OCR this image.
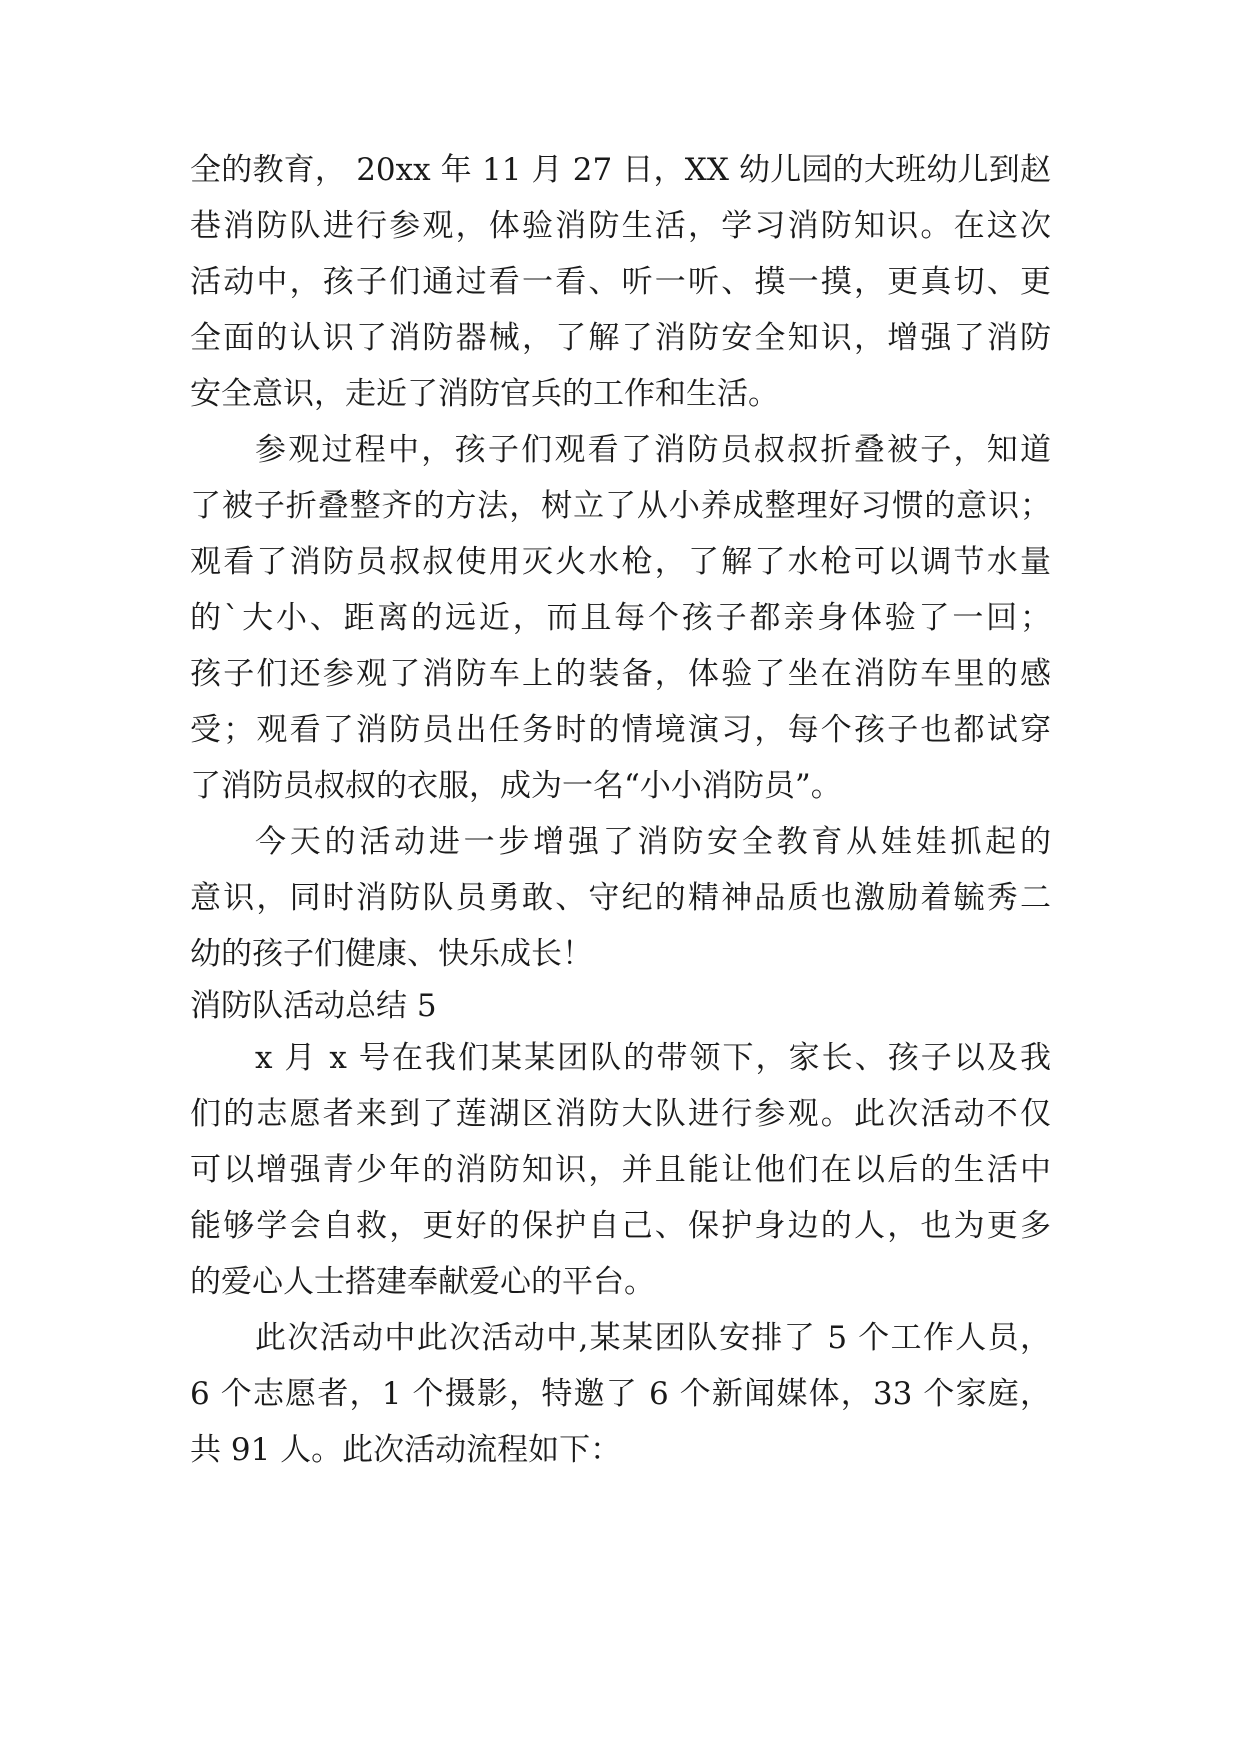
全的教育， 20xx 年 11 月 27 日，XX 幼儿园的大班幼儿到赵
巷消防队进行参观，体验消防生活，学习消防知识。在这次
活动中，孩子们通过看一看、听一听、摸一摸，更真切、更
全面的认识了消防器械，了解了消防安全知识，增强了消防
安全意识，走近了消防官兵的工作和生活。
参观过程中，孩子们观看了消防员叔叔折叠被子，知道
了被子折叠整齐的方法，树立了从小养成整理好习惯的意识；
观看了消防员叔叔使用灭火水枪，了解了水枪可以调节水量
的`大小、距离的远近，而且每个孩子都亲身体验了一回；
孩子们还参观了消防车上的装备，体验了坐在消防车里的感
受；观看了消防员出任务时的情境演习，每个孩子也都试穿
了消防员叔叔的衣服，成为一名“小小消防员”。
今天的活动进一步增强了消防安全教育从娃娃抓起的
意识，同时消防队员勇敢、守纪的精神品质也激励着毓秀二
幼的孩子们健康、快乐成长！
消防队活动总结 5
x 月 x 号在我们某某团队的带领下，家长、孩子以及我
们的志愿者来到了莲湖区消防大队进行参观。此次活动不仅
可以增强青少年的消防知识，并且能让他们在以后的生活中
能够学会自救，更好的保护自己、保护身边的人，也为更多
的爱心人士搭建奉献爱心的平台。
此次活动中此次活动中,某某团队安排了 5 个工作人员，
6 个志愿者，1 个摄影，特邀了 6 个新闻媒体，33 个家庭，
共 91 人。此次活动流程如下：
